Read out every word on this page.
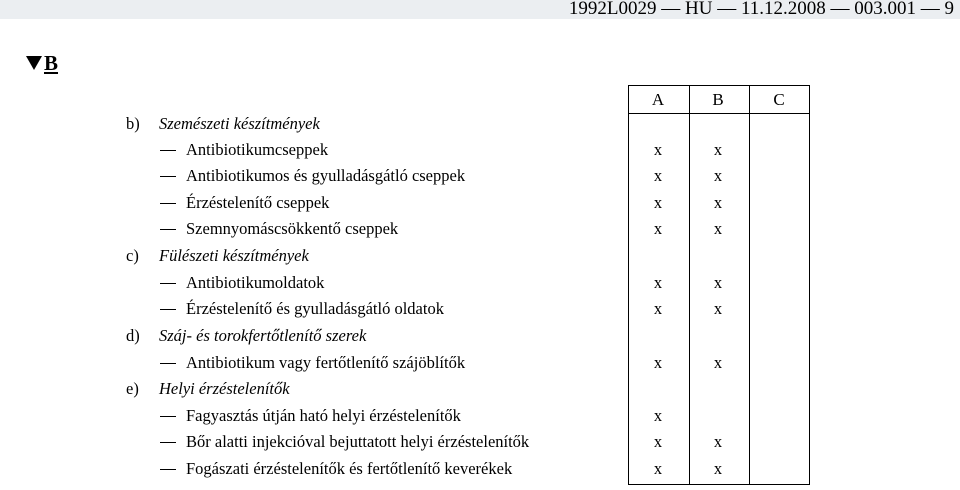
1992L0029 — HU — 11.12.2008 — 003.001 — 9
B
A	B	C
b) Szemészeti készítmények
Antibiotikumcseppek	x	x
Antibiotikumos és gyulladásgátló cseppek	x	x
Érzéstelenítő cseppek	x	x
Szemnyomáscsökkentő cseppek	x	x
c) Fülészeti készítmények
Antibiotikumoldatok	x	x
Érzéstelenítő és gyulladásgátló oldatok	x	x
d) Száj- és torokfertőtlenítő szerek
Antibiotikum vagy fertőtlenítő szájöblítők	x	x
e) Helyi érzéstelenítők
Fagyasztás útján ható helyi érzéstelenítők	x
Bőr alatti injekcióval bejuttatott helyi érzéstelenítők	x	x
Fogászati érzéstelenítők és fertőtlenítő keverékek	x	x
